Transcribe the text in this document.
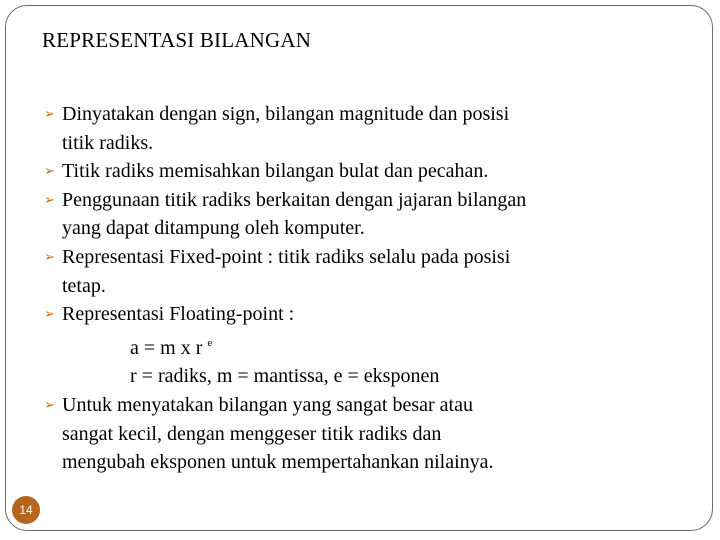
REPRESENTASI BILANGAN
➢ Dinyatakan dengan sign, bilangan magnitude dan posisi
titik radiks.
➢ Titik radiks memisahkan bilangan bulat dan pecahan.
➢ Penggunaan titik radiks berkaitan dengan jajaran bilangan
yang dapat ditampung oleh komputer.
➢ Representasi Fixed-point : titik radiks selalu pada posisi
tetap.
➢ Representasi Floating-point :
a = m x r $^e$
r = radiks, m = mantissa, e = eksponen
➢ Untuk menyatakan bilangan yang sangat besar atau
sangat kecil, dengan menggeser titik radiks dan
mengubah eksponen untuk mempertahankan nilainya.
14
